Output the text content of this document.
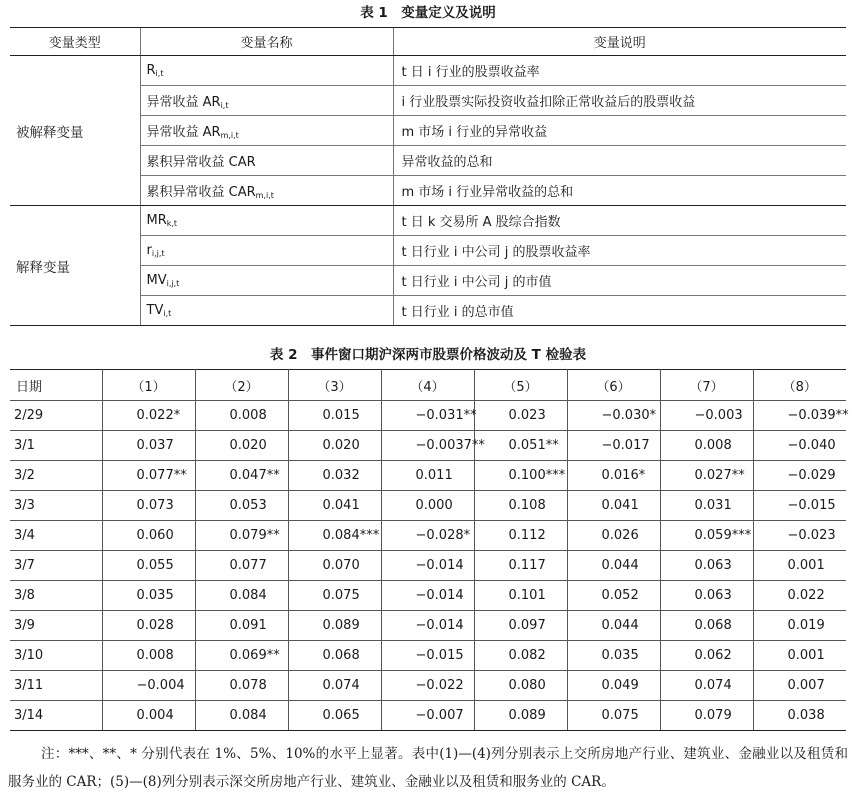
表 1　变量定义及说明
变量类型	变量名称	变量说明
被解释变量	$R_{i,t}$	t 日 i 行业的股票收益率
	异常收益 $AR_{i,t}$	i 行业股票实际投资收益扣除正常收益后的股票收益
	异常收益 $AR_{m,i,t}$	m 市场 i 行业的异常收益
	累积异常收益 CAR	异常收益的总和
	累积异常收益 $CAR_{m,i,t}$	m 市场 i 行业异常收益的总和
解释变量	$MR_{k,t}$	t 日 k 交易所 A 股综合指数
	$r_{i,j,t}$	t 日行业 i 中公司 j 的股票收益率
	$MV_{i,j,t}$	t 日行业 i 中公司 j 的市值
	$TV_{i,t}$	t 日行业 i 的总市值
表 2　事件窗口期沪深两市股票价格波动及 T 检验表
日期	（1）	（2）	（3）	（4）	（5）	（6）	（7）	（8）
2/29	0.022*	0.008	0.015	−0.031**	0.023	−0.030*	−0.003	−0.039**
3/1	0.037	0.020	0.020	−0.0037**	0.051**	−0.017	0.008	−0.040
3/2	0.077**	0.047**	0.032	0.011	0.100***	0.016*	0.027**	−0.029
3/3	0.073	0.053	0.041	0.000	0.108	0.041	0.031	−0.015
3/4	0.060	0.079**	0.084***	−0.028*	0.112	0.026	0.059***	−0.023
3/7	0.055	0.077	0.070	−0.014	0.117	0.044	0.063	0.001
3/8	0.035	0.084	0.075	−0.014	0.101	0.052	0.063	0.022
3/9	0.028	0.091	0.089	−0.014	0.097	0.044	0.068	0.019
3/10	0.008	0.069**	0.068	−0.015	0.082	0.035	0.062	0.001
3/11	−0.004	0.078	0.074	−0.022	0.080	0.049	0.074	0.007
3/14	0.004	0.084	0.065	−0.007	0.089	0.075	0.079	0.038

注：***、**、* 分别代表在 1%、5%、10%的水平上显著。表中(1)—(4)列分别表示上交所房地产行业、建筑业、金融业以及租赁和服务业的 CAR；(5)—(8)列分别表示深交所房地产行业、建筑业、金融业以及租赁和服务业的 CAR。
